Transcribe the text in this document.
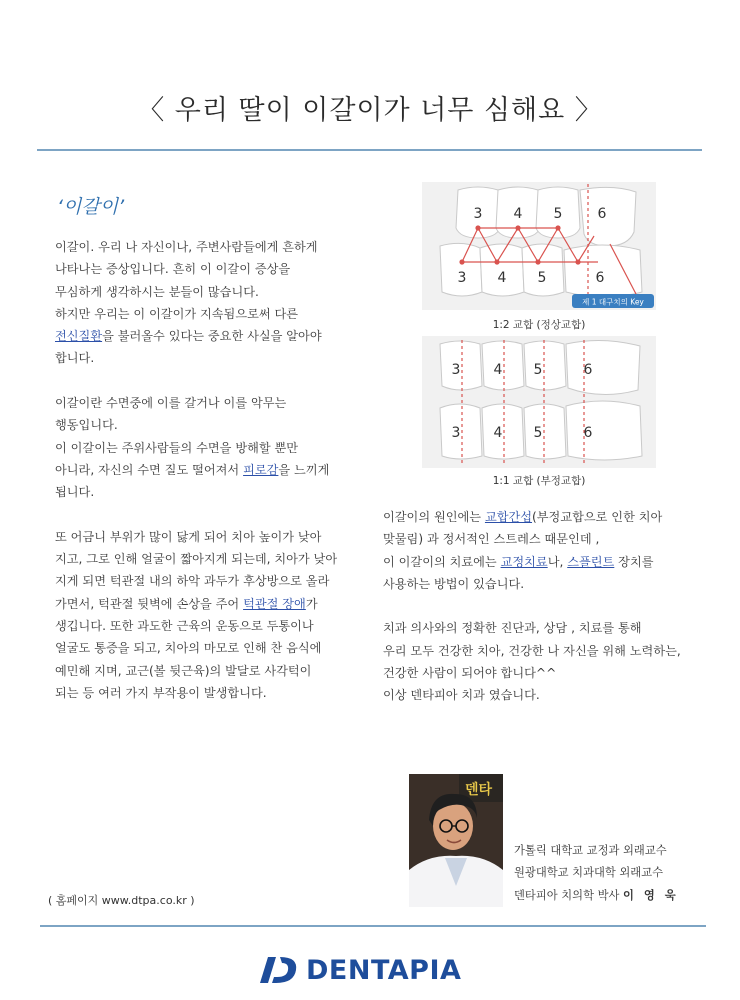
〈 우리 딸이 이갈이가 너무 심해요 〉
‘이갈이’
이갈이. 우리 나 자신이나, 주변사람들에게 흔하게
나타나는 증상입니다. 흔히 이 이갈이 증상을
무심하게 생각하시는 분들이 많습니다.
하지만 우리는 이 이갈이가 지속됨으로써 다른
전신질환을 불러올수 있다는 중요한 사실을 알아야
합니다.
이갈이란 수면중에 이를 갈거나 이를 악무는
행동입니다.
이 이갈이는 주위사람들의 수면을 방해할 뿐만
아니라, 자신의 수면 질도 떨어져서 피로감을 느끼게
됩니다.
또 어금니 부위가 많이 닳게 되어 치아 높이가 낮아
지고, 그로 인해 얼굴이 짧아지게 되는데, 치아가 낮아
지게 되면 턱관절 내의 하악 과두가 후상방으로 올라
가면서, 턱관절 뒷벽에 손상을 주어 턱관절 장애가
생깁니다. 또한 과도한 근육의 운동으로 두통이나
얼굴도 통증을 되고, 치아의 마모로 인해 찬 음식에
예민해 지며, 교근(볼 뒷근육)의 발달로 사각턱이
되는 등 여러 가지 부작용이 발생합니다.
3 4 5	6
3 4 5	6
제 1 대구치의 Key
1:2 교합 (정상교합)
3 4 5	6
3 4 5	6
1:1 교합 (부정교합)
이갈이의 원인에는 교합간섭(부정교합으로 인한 치아
맞물림) 과 정서적인 스트레스 때문인데 ,
이 이갈이의 치료에는 교정치료나, 스플린트 장치를
사용하는 방법이 있습니다.
치과 의사와의 정확한 진단과, 상담 , 치료를 통해
우리 모두 건강한 치아, 건강한 나 자신을 위해 노력하는,
건강한 사람이 되어야 합니다^^
이상 덴타피아 치과 였습니다.
덴타
가톨릭 대학교 교정과 외래교수
원광대학교 치과대학 외래교수
덴타피아 치의학 박사 이 영 욱
( 홈페이지 www.dtpa.co.kr )
DENTAPIA
